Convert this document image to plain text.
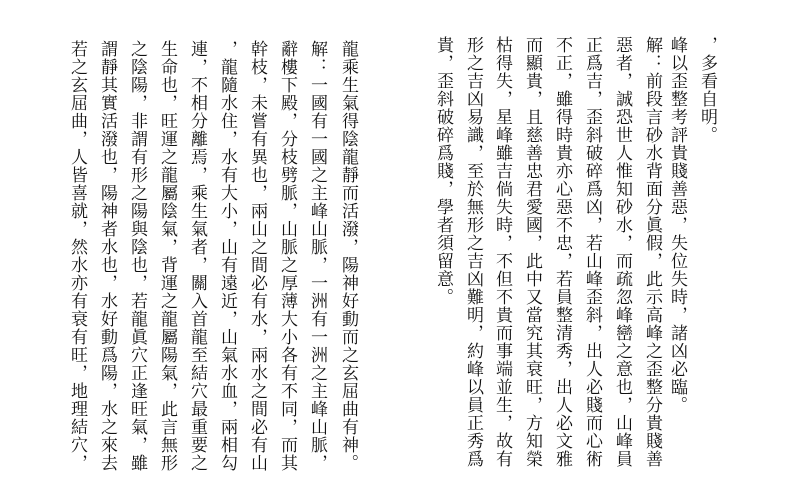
，多看自明。
峰以歪整考評貴賤善惡，失位失時，諸凶必臨。
解：前段言砂水背面分眞假，此示高峰之歪整分貴賤善
惡者，誠恐世人惟知砂水，而疏忽峰巒之意也，山峰員
正爲吉，歪斜破碎爲凶，若山峰歪斜，出人必賤而心術
不正，雖得時貴亦心惡不忠，若員整清秀，出人必文雅
而顯貴，且慈善忠君愛國，此中又當究其衰旺，方知榮
枯得失，星峰雖吉倘失時，不但不貴而事端並生，故有
形之吉凶易識，至於無形之吉凶難明，約峰以員正秀爲
貴，歪斜破碎爲賤，學者須留意。
龍乘生氣得陰龍靜而活潑，陽神好動而之玄屈曲有神。
解：一國有一國之主峰山脈，一洲有一洲之主峰山脈，
辭樓下殿，分枝劈脈，山脈之厚薄大小各有不同，而其
幹枝，未嘗有異也，兩山之間必有水，兩水之間必有山
，龍隨水住，水有大小，山有遠近，山氣水血，兩相勾
連，不相分離焉，乘生氣者，關入首龍至結穴最重要之
生命也，旺運之龍屬陰氣，背運之龍屬陽氣，此言無形
之陰陽，非謂有形之陽與陰也，若龍眞穴正逢旺氣，雖
謂靜其實活潑也，陽神者水也，水好動爲陽，水之來去
若之玄屈曲，人皆喜就，然水亦有衰有旺，地理結穴，
